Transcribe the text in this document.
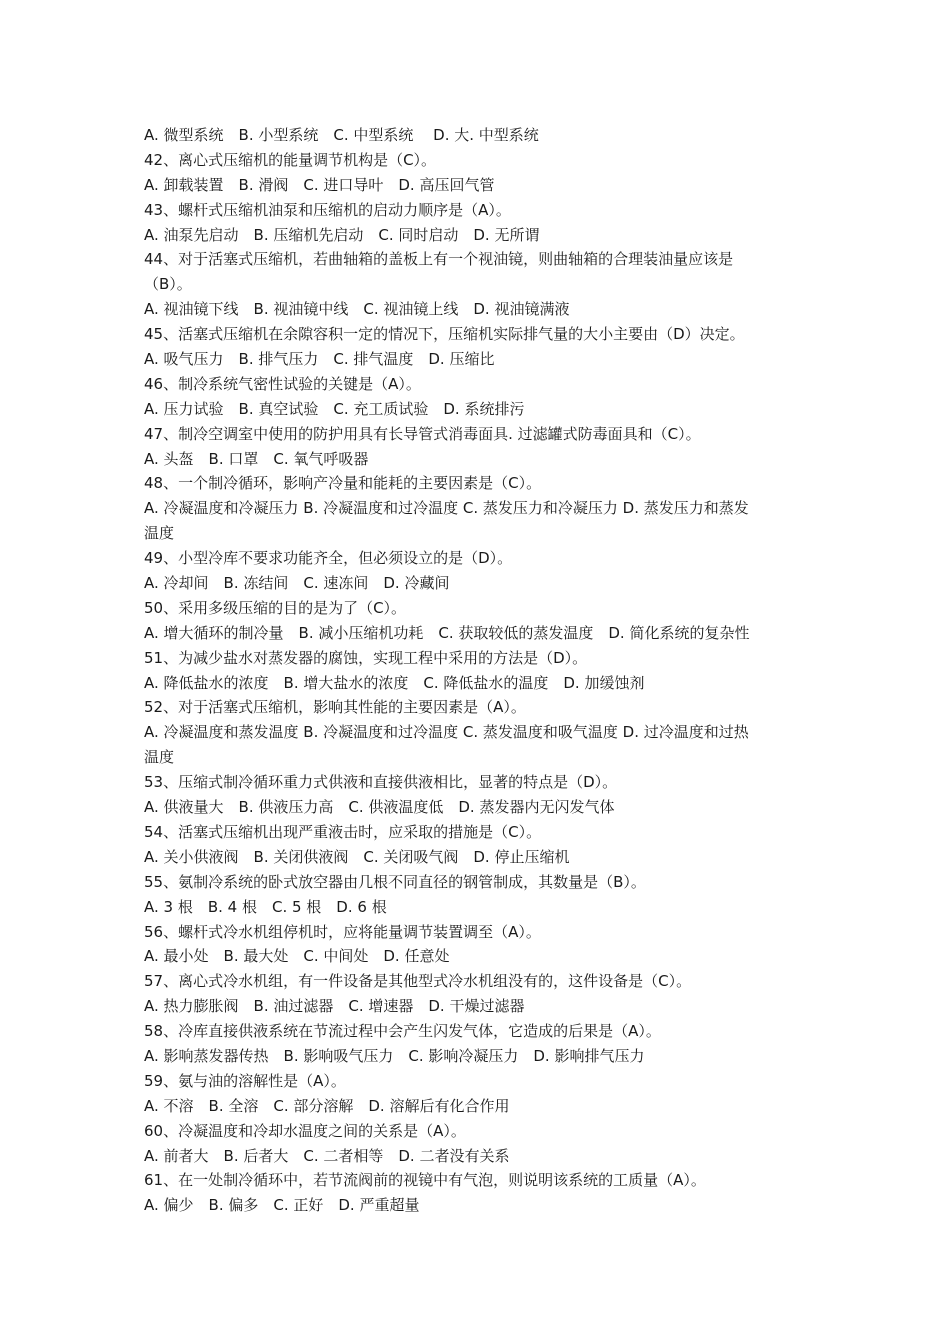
A. 微型系统　B. 小型系统　C. 中型系统　 D. 大. 中型系统
42、离心式压缩机的能量调节机构是（C）。
A. 卸载装置　B. 滑阀　C. 进口导叶　D. 高压回气管
43、螺杆式压缩机油泵和压缩机的启动力顺序是（A）。
A. 油泵先启动　B. 压缩机先启动　C. 同时启动　D. 无所谓
44、对于活塞式压缩机，若曲轴箱的盖板上有一个视油镜，则曲轴箱的合理装油量应该是
（B）。
A. 视油镜下线　B. 视油镜中线　C. 视油镜上线　D. 视油镜满液
45、活塞式压缩机在余隙容积一定的情况下，压缩机实际排气量的大小主要由（D）决定。
A. 吸气压力　B. 排气压力　C. 排气温度　D. 压缩比
46、制冷系统气密性试验的关键是（A）。
A. 压力试验　B. 真空试验　C. 充工质试验　D. 系统排污
47、制冷空调室中使用的防护用具有长导管式消毒面具. 过滤罐式防毒面具和（C）。
A. 头盔　B. 口罩　C. 氧气呼吸器
48、一个制冷循环，影响产冷量和能耗的主要因素是（C）。
A. 冷凝温度和冷凝压力 B. 冷凝温度和过冷温度 C. 蒸发压力和冷凝压力 D. 蒸发压力和蒸发
温度
49、小型冷库不要求功能齐全，但必须设立的是（D）。
A. 冷却间　B. 冻结间　C. 速冻间　D. 冷藏间
50、采用多级压缩的目的是为了（C）。
A. 增大循环的制冷量　B. 减小压缩机功耗　C. 获取较低的蒸发温度　D. 简化系统的复杂性
51、为减少盐水对蒸发器的腐蚀，实现工程中采用的方法是（D）。
A. 降低盐水的浓度　B. 增大盐水的浓度　C. 降低盐水的温度　D. 加缓蚀剂
52、对于活塞式压缩机，影响其性能的主要因素是（A）。
A. 冷凝温度和蒸发温度 B. 冷凝温度和过冷温度 C. 蒸发温度和吸气温度 D. 过冷温度和过热
温度
53、压缩式制冷循环重力式供液和直接供液相比，显著的特点是（D）。
A. 供液量大　B. 供液压力高　C. 供液温度低　D. 蒸发器内无闪发气体
54、活塞式压缩机出现严重液击时，应采取的措施是（C）。
A. 关小供液阀　B. 关闭供液阀　C. 关闭吸气阀　D. 停止压缩机
55、氨制冷系统的卧式放空器由几根不同直径的钢管制成，其数量是（B）。
A. 3 根　B. 4 根　C. 5 根　D. 6 根
56、螺杆式冷水机组停机时，应将能量调节装置调至（A）。
A. 最小处　B. 最大处　C. 中间处　D. 任意处
57、离心式冷水机组，有一件设备是其他型式冷水机组没有的，这件设备是（C）。
A. 热力膨胀阀　B. 油过滤器　C. 增速器　D. 干燥过滤器
58、冷库直接供液系统在节流过程中会产生闪发气体，它造成的后果是（A）。
A. 影响蒸发器传热　B. 影响吸气压力　C. 影响冷凝压力　D. 影响排气压力
59、氨与油的溶解性是（A）。
A. 不溶　B. 全溶　C. 部分溶解　D. 溶解后有化合作用
60、冷凝温度和冷却水温度之间的关系是（A）。
A. 前者大　B. 后者大　C. 二者相等　D. 二者没有关系
61、在一处制冷循环中，若节流阀前的视镜中有气泡，则说明该系统的工质量（A）。
A. 偏少　B. 偏多　C. 正好　D. 严重超量
